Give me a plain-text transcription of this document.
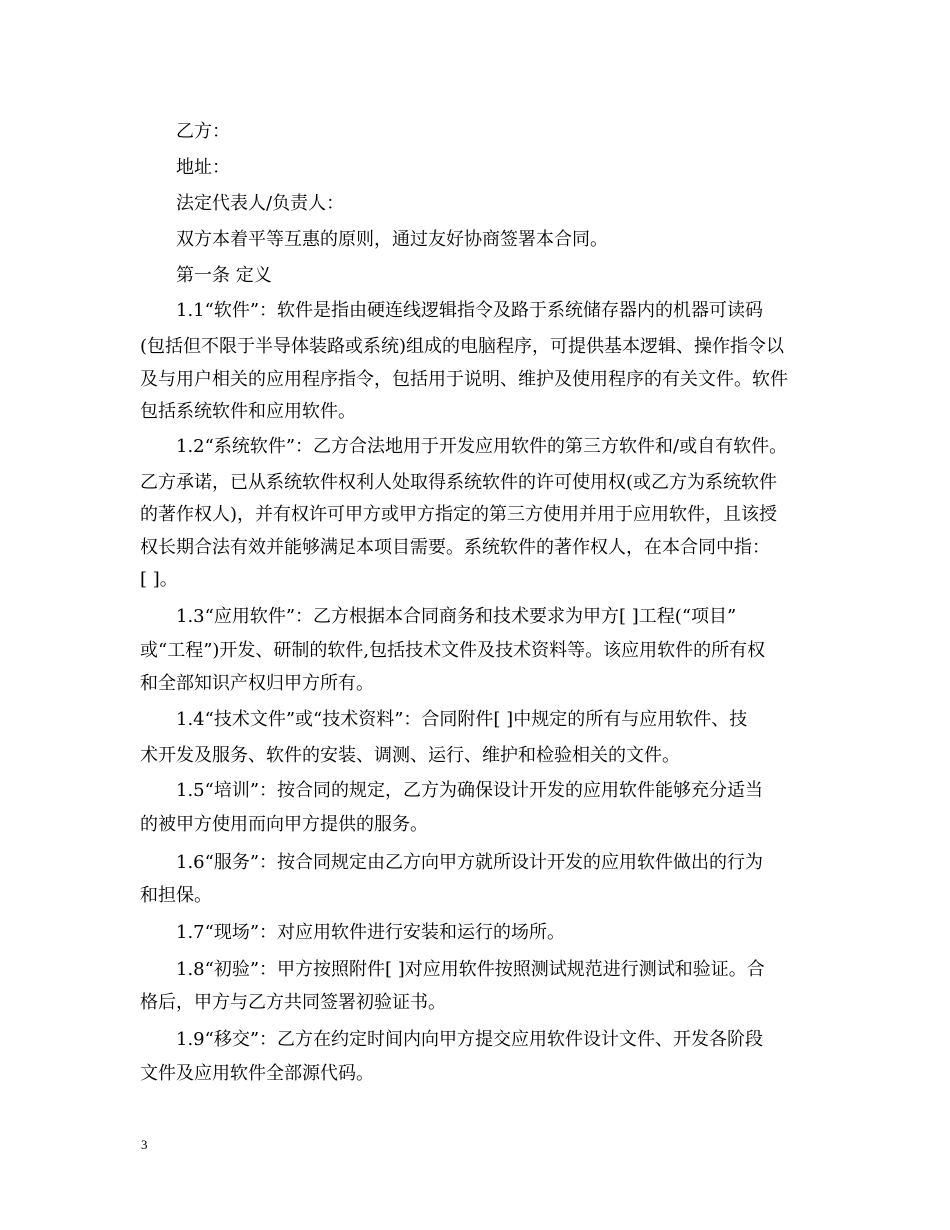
乙方：

地址：

法定代表人/负责人：

双方本着平等互惠的原则，通过友好协商签署本合同。

第一条 定义

1.1“软件”：软件是指由硬连线逻辑指令及路于系统储存器内的机器可读码

(包括但不限于半导体装路或系统)组成的电脑程序，可提供基本逻辑、操作指令以

及与用户相关的应用程序指令，包括用于说明、维护及使用程序的有关文件。软件

包括系统软件和应用软件。

1.2“系统软件”：乙方合法地用于开发应用软件的第三方软件和/或自有软件。

乙方承诺，已从系统软件权利人处取得系统软件的许可使用权(或乙方为系统软件

的著作权人)，并有权许可甲方或甲方指定的第三方使用并用于应用软件，且该授

权长期合法有效并能够满足本项目需要。系统软件的著作权人，在本合同中指：

[ ]。

1.3“应用软件”：乙方根据本合同商务和技术要求为甲方[ ]工程(“项目”

或“工程”)开发、研制的软件,包括技术文件及技术资料等。该应用软件的所有权

和全部知识产权归甲方所有。

1.4“技术文件”或“技术资料”：合同附件[ ]中规定的所有与应用软件、技

术开发及服务、软件的安装、调测、运行、维护和检验相关的文件。

1.5“培训”：按合同的规定，乙方为确保设计开发的应用软件能够充分适当

的被甲方使用而向甲方提供的服务。

1.6“服务”：按合同规定由乙方向甲方就所设计开发的应用软件做出的行为

和担保。

1.7“现场”：对应用软件进行安装和运行的场所。

1.8“初验”：甲方按照附件[ ]对应用软件按照测试规范进行测试和验证。合

格后，甲方与乙方共同签署初验证书。

1.9“移交”：乙方在约定时间内向甲方提交应用软件设计文件、开发各阶段

文件及应用软件全部源代码。

3
